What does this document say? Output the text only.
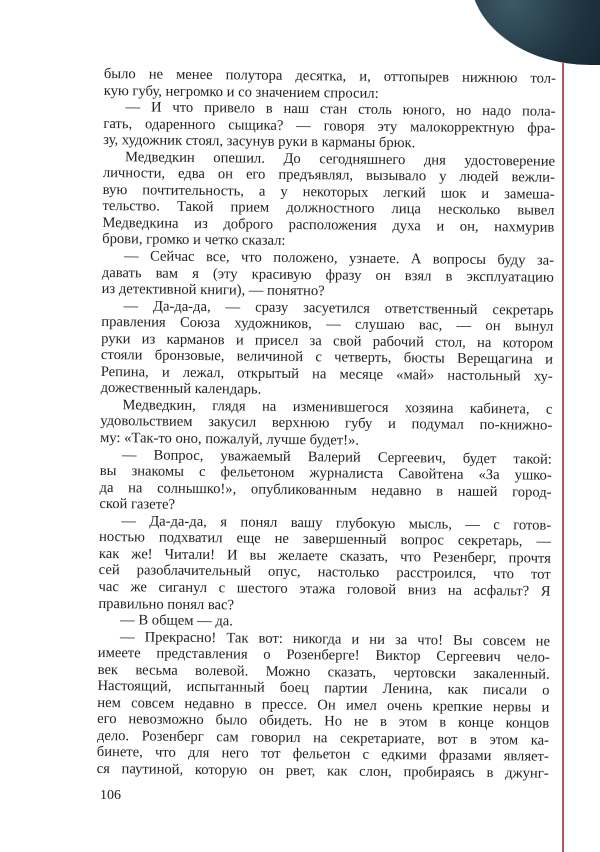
было не менее полутора десятка, и, оттопырев нижнюю тол-
кую губу, негромко и со значением спросил:
— И что привело в наш стан столь юного, но надо пола-
гать, одаренного сыщика? — говоря эту малокорректную фра-
зу, художник стоял, засунув руки в карманы брюк.
Медведкин опешил. До сегодняшнего дня удостоверение
личности, едва он его предъявлял, вызывало у людей вежли-
вую почтительность, а у некоторых легкий шок и замеша-
тельство. Такой прием должностного лица несколько вывел
Медведкина из доброго расположения духа и он, нахмурив
брови, громко и четко сказал:
— Сейчас все, что положено, узнаете. А вопросы буду за-
давать вам я (эту красивую фразу он взял в эксплуатацию
из детективной книги), — понятно?
— Да-да-да, — сразу засуетился ответственный секретарь
правления Союза художников, — слушаю вас, — он вынул
руки из карманов и присел за свой рабочий стол, на котором
стояли бронзовые, величиной с четверть, бюсты Верещагина и
Репина, и лежал, открытый на месяце «май» настольный ху-
дожественный календарь.
Медведкин, глядя на изменившегося хозяина кабинета, с
удовольствием закусил верхнюю губу и подумал по-книжно-
му: «Так-то оно, пожалуй, лучше будет!».
— Вопрос, уважаемый Валерий Сергеевич, будет такой:
вы знакомы с фельетоном журналиста Савойтена «За ушко-
да на солнышко!», опубликованным недавно в нашей город-
ской газете?
— Да-да-да, я понял вашу глубокую мысль, — с готов-
ностью подхватил еще не завершенный вопрос секретарь, —
как же! Читали! И вы желаете сказать, что Резенберг, прочтя
сей разоблачительный опус, настолько расстроился, что тот
час же сиганул с шестого этажа головой вниз на асфальт? Я
правильно понял вас?
— В общем — да.
— Прекрасно! Так вот: никогда и ни за что! Вы совсем не
имеете представления о Розенберге! Виктор Сергеевич чело-
век весьма волевой. Можно сказать, чертовски закаленный.
Настоящий, испытанный боец партии Ленина, как писали о
нем совсем недавно в прессе. Он имел очень крепкие нервы и
его невозможно было обидеть. Но не в этом в конце концов
дело. Розенберг сам говорил на секретариате, вот в этом ка-
бинете, что для него тот фельетон с едкими фразами являет-
ся паутиной, которую он рвет, как слон, пробираясь в джунг-
106
